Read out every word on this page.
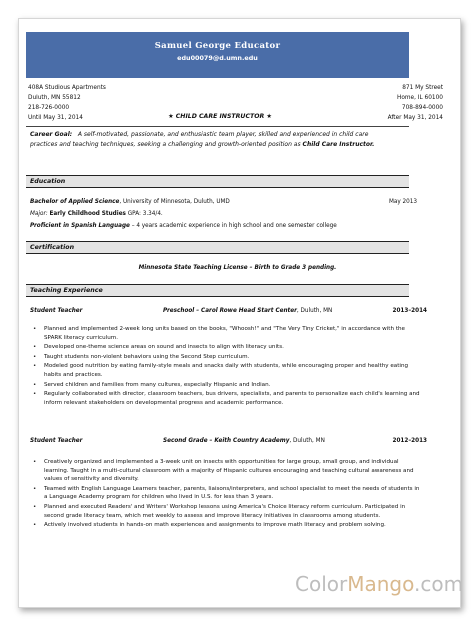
Samuel George Educator
edu00079@d.umn.edu
408A Studious Apartments
Duluth, MN 55812
218-726-0000
Until May 31, 2014
871 My Street
Home, IL 60100
708-894-0000
After May 31, 2014
★ CHILD CARE INSTRUCTOR ★
Career Goal: A self-motivated, passionate, and enthusiastic team player, skilled and experienced in child care
practices and teaching techniques, seeking a challenging and growth-oriented position as Child Care Instructor.
Education
Bachelor of Applied Science, University of Minnesota, Duluth, UMD	May 2013
Major: Early Childhood Studies GPA: 3.34/4.
Proficient in Spanish Language – 4 years academic experience in high school and one semester college
Certification
Minnesota State Teaching License – Birth to Grade 3 pending.
Teaching Experience
Student Teacher	Preschool – Carol Rowe Head Start Center, Duluth, MN	2013–2014
• Planned and implemented 2-week long units based on the books, "Whoosh!" and "The Very Tiny Cricket," in accordance with the SPARK literacy curriculum.
• Developed one-theme science areas on sound and insects to align with literacy units.
• Taught students non-violent behaviors using the Second Step curriculum.
• Modeled good nutrition by eating family-style meals and snacks daily with students, while encouraging proper and healthy eating habits and practices.
• Served children and families from many cultures, especially Hispanic and Indian.
• Regularly collaborated with director, classroom teachers, bus drivers, specialists, and parents to personalize each child's learning and inform relevant stakeholders on developmental progress and academic performance.
Student Teacher	Second Grade – Keith Country Academy, Duluth, MN	2012–2013
• Creatively organized and implemented a 3-week unit on insects with opportunities for large group, small group, and individual learning. Taught in a multi-cultural classroom with a majority of Hispanic cultures encouraging and teaching cultural awareness and values of sensitivity and diversity.
• Teamed with English Language Learners teacher, parents, liaisons/interpreters, and school specialist to meet the needs of students in a Language Academy program for children who lived in U.S. for less than 3 years.
• Planned and executed Readers' and Writers' Workshop lessons using America's Choice literacy reform curriculum. Participated in second grade literacy team, which met weekly to assess and improve literacy initiatives in classrooms among students.
• Actively involved students in hands-on math experiences and assignments to improve math literacy and problem solving.
ColorMango.com
